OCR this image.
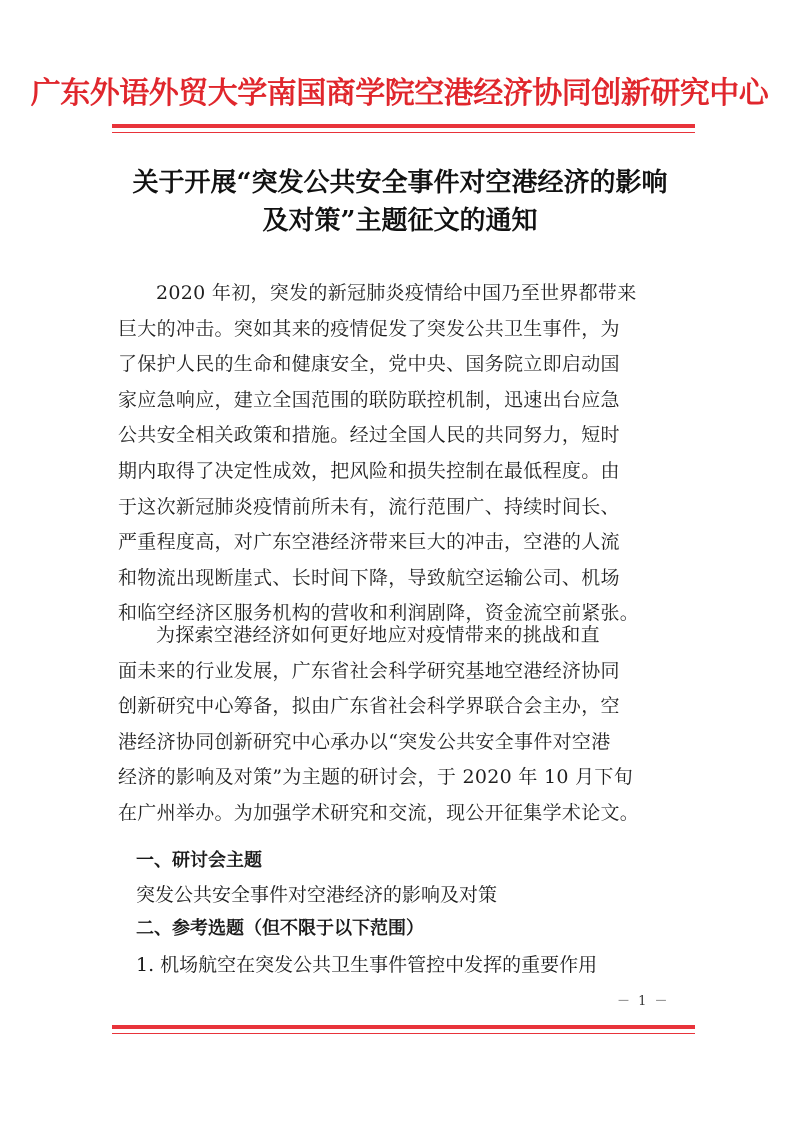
广东外语外贸大学南国商学院空港经济协同创新研究中心
关于开展“突发公共安全事件对空港经济的影响
及对策”主题征文的通知
2020 年初，突发的新冠肺炎疫情给中国乃至世界都带来
巨大的冲击。突如其来的疫情促发了突发公共卫生事件，为
了保护人民的生命和健康安全，党中央、国务院立即启动国
家应急响应，建立全国范围的联防联控机制，迅速出台应急
公共安全相关政策和措施。经过全国人民的共同努力，短时
期内取得了决定性成效，把风险和损失控制在最低程度。由
于这次新冠肺炎疫情前所未有，流行范围广、持续时间长、
严重程度高，对广东空港经济带来巨大的冲击，空港的人流
和物流出现断崖式、长时间下降，导致航空运输公司、机场
和临空经济区服务机构的营收和利润剧降，资金流空前紧张。
为探索空港经济如何更好地应对疫情带来的挑战和直
面未来的行业发展，广东省社会科学研究基地空港经济协同
创新研究中心筹备，拟由广东省社会科学界联合会主办，空
港经济协同创新研究中心承办以“突发公共安全事件对空港
经济的影响及对策”为主题的研讨会，于 2020 年 10 月下旬
在广州举办。为加强学术研究和交流，现公开征集学术论文。
一、研讨会主题
突发公共安全事件对空港经济的影响及对策
二、参考选题（但不限于以下范围）
1. 机场航空在突发公共卫生事件管控中发挥的重要作用
－ 1 －
